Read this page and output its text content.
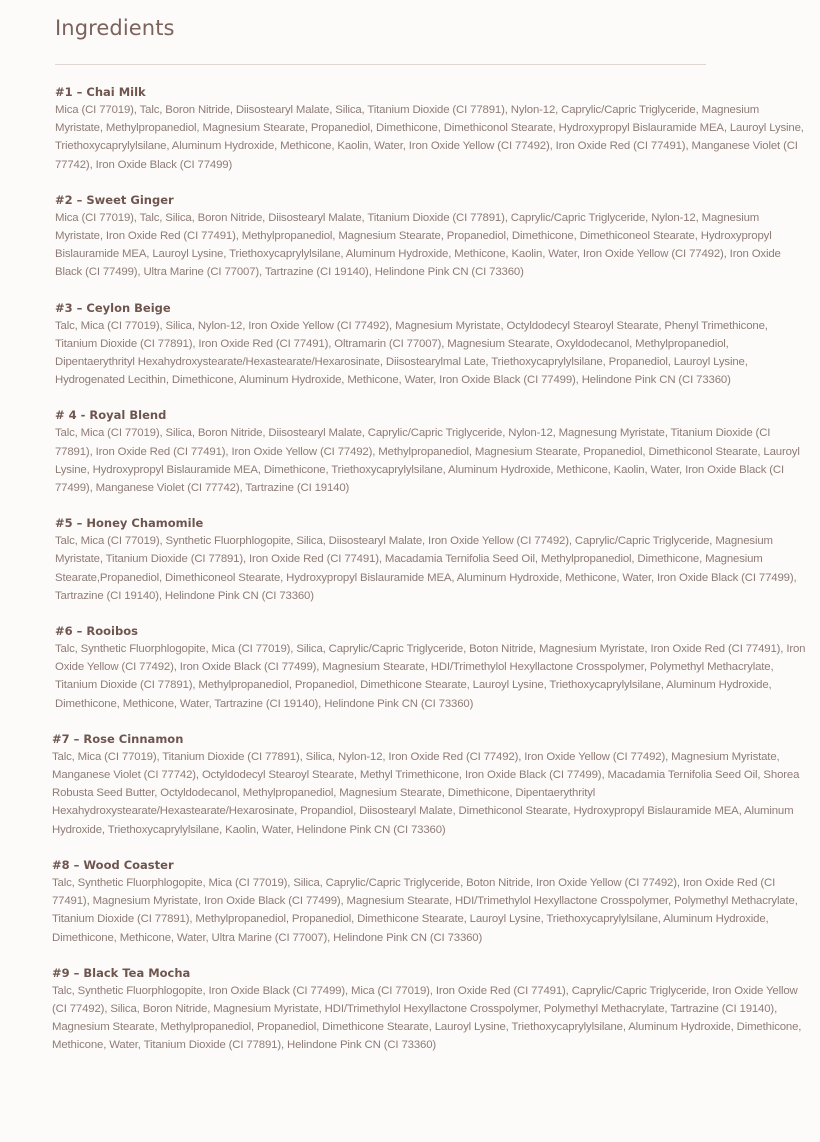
Ingredients

#1 – Chai Milk

Mica (CI 77019), Talc, Boron Nitride, Diisostearyl Malate, Silica, Titanium Dioxide (CI 77891), Nylon-12, Caprylic/Capric Triglyceride, Magnesium Myristate, Methylpropanediol, Magnesium Stearate, Propanediol, Dimethicone, Dimethiconol Stearate, Hydroxypropyl Bislauramide MEA, Lauroyl Lysine, Triethoxycaprylylsilane, Aluminum Hydroxide, Methicone, Kaolin, Water, Iron Oxide Yellow (CI 77492), Iron Oxide Red (CI 77491), Manganese Violet (CI 77742), Iron Oxide Black (CI 77499)

#2 – Sweet Ginger

Mica (CI 77019), Talc, Silica, Boron Nitride, Diisostearyl Malate, Titanium Dioxide (CI 77891), Caprylic/Capric Triglyceride, Nylon-12, Magnesium Myristate, Iron Oxide Red (CI 77491), Methylpropanediol, Magnesium Stearate, Propanediol, Dimethicone, Dimethiconeol Stearate, Hydroxypropyl Bislauramide MEA, Lauroyl Lysine, Triethoxycaprylylsilane, Aluminum Hydroxide, Methicone, Kaolin, Water, Iron Oxide Yellow (CI 77492), Iron Oxide Black (CI 77499), Ultra Marine (CI 77007), Tartrazine (CI 19140), Helindone Pink CN (CI 73360)

#3 – Ceylon Beige

Talc, Mica (CI 77019), Silica, Nylon-12, Iron Oxide Yellow (CI 77492), Magnesium Myristate, Octyldodecyl Stearoyl Stearate, Phenyl Trimethicone, Titanium Dioxide (CI 77891), Iron Oxide Red (CI 77491), Oltramarin (CI 77007), Magnesium Stearate, Oxyldodecanol, Methylpropanediol, Dipentaerythrityl Hexahydroxystearate/Hexastearate/Hexarosinate, Diisostearylmal Late, Triethoxycaprylylsilane, Propanediol, Lauroyl Lysine, Hydrogenated Lecithin, Dimethicone, Aluminum Hydroxide, Methicone, Water, Iron Oxide Black (CI 77499), Helindone Pink CN (CI 73360)

# 4 - Royal Blend

Talc, Mica (CI 77019), Silica, Boron Nitride, Diisostearyl Malate, Caprylic/Capric Triglyceride, Nylon-12, Magnesung Myristate, Titanium Dioxide (CI 77891), Iron Oxide Red (CI 77491), Iron Oxide Yellow (CI 77492), Methylpropanediol, Magnesium Stearate, Propanediol, Dimethiconol Stearate, Lauroyl Lysine, Hydroxypropyl Bislauramide MEA, Dimethicone, Triethoxycaprylylsilane, Aluminum Hydroxide, Methicone, Kaolin, Water, Iron Oxide Black (CI 77499), Manganese Violet (CI 77742), Tartrazine (CI 19140)

#5 – Honey Chamomile

Talc, Mica (CI 77019), Synthetic Fluorphlogopite, Silica, Diisostearyl Malate, Iron Oxide Yellow (CI 77492), Caprylic/Capric Triglyceride, Magnesium Myristate, Titanium Dioxide (CI 77891), Iron Oxide Red (CI 77491), Macadamia Ternifolia Seed Oil, Methylpropanediol, Dimethicone, Magnesium Stearate,Propanediol, Dimethiconeol Stearate, Hydroxypropyl Bislauramide MEA, Aluminum Hydroxide, Methicone, Water, Iron Oxide Black (CI 77499), Tartrazine (CI 19140), Helindone Pink CN (CI 73360)

#6 – Rooibos

Talc, Synthetic Fluorphlogopite, Mica (CI 77019), Silica, Caprylic/Capric Triglyceride, Boton Nitride, Magnesium Myristate, Iron Oxide Red (CI 77491), Iron Oxide Yellow (CI 77492), Iron Oxide Black (CI 77499), Magnesium Stearate, HDI/Trimethylol Hexyllactone Crosspolymer, Polymethyl Methacrylate, Titanium Dioxide (CI 77891), Methylpropanediol, Propanediol, Dimethicone Stearate, Lauroyl Lysine, Triethoxycaprylylsilane, Aluminum Hydroxide, Dimethicone, Methicone, Water, Tartrazine (CI 19140), Helindone Pink CN (CI 73360)

#7 – Rose Cinnamon

Talc, Mica (CI 77019), Titanium Dioxide (CI 77891), Silica, Nylon-12, Iron Oxide Red (CI 77492), Iron Oxide Yellow (CI 77492), Magnesium Myristate, Manganese Violet (CI 77742), Octyldodecyl Stearoyl Stearate, Methyl Trimethicone, Iron Oxide Black (CI 77499), Macadamia Ternifolia Seed Oil, Shorea Robusta Seed Butter, Octyldodecanol, Methylpropanediol, Magnesium Stearate, Dimethicone, Dipentaerythrityl Hexahydroxystearate/Hexastearate/Hexarosinate, Propandiol, Diisostearyl Malate, Dimethiconol Stearate, Hydroxypropyl Bislauramide MEA, Aluminum Hydroxide, Triethoxycaprylylsilane, Kaolin, Water, Helindone Pink CN (CI 73360)

#8 – Wood Coaster

Talc, Synthetic Fluorphlogopite, Mica (CI 77019), Silica, Caprylic/Capric Triglyceride, Boton Nitride, Iron Oxide Yellow (CI 77492), Iron Oxide Red (CI 77491), Magnesium Myristate, Iron Oxide Black (CI 77499), Magnesium Stearate, HDI/Trimethylol Hexyllactone Crosspolymer, Polymethyl Methacrylate, Titanium Dioxide (CI 77891), Methylpropanediol, Propanediol, Dimethicone Stearate, Lauroyl Lysine, Triethoxycaprylylsilane, Aluminum Hydroxide, Dimethicone, Methicone, Water, Ultra Marine (CI 77007), Helindone Pink CN (CI 73360)

#9 – Black Tea Mocha

Talc, Synthetic Fluorphlogopite, Iron Oxide Black (CI 77499), Mica (CI 77019), Iron Oxide Red (CI 77491), Caprylic/Capric Triglyceride, Iron Oxide Yellow (CI 77492), Silica, Boron Nitride, Magnesium Myristate, HDI/Trimethylol Hexyllactone Crosspolymer, Polymethyl Methacrylate, Tartrazine (CI 19140), Magnesium Stearate, Methylpropanediol, Propanediol, Dimethicone Stearate, Lauroyl Lysine, Triethoxycaprylylsilane, Aluminum Hydroxide, Dimethicone, Methicone, Water, Titanium Dioxide (CI 77891), Helindone Pink CN (CI 73360)
